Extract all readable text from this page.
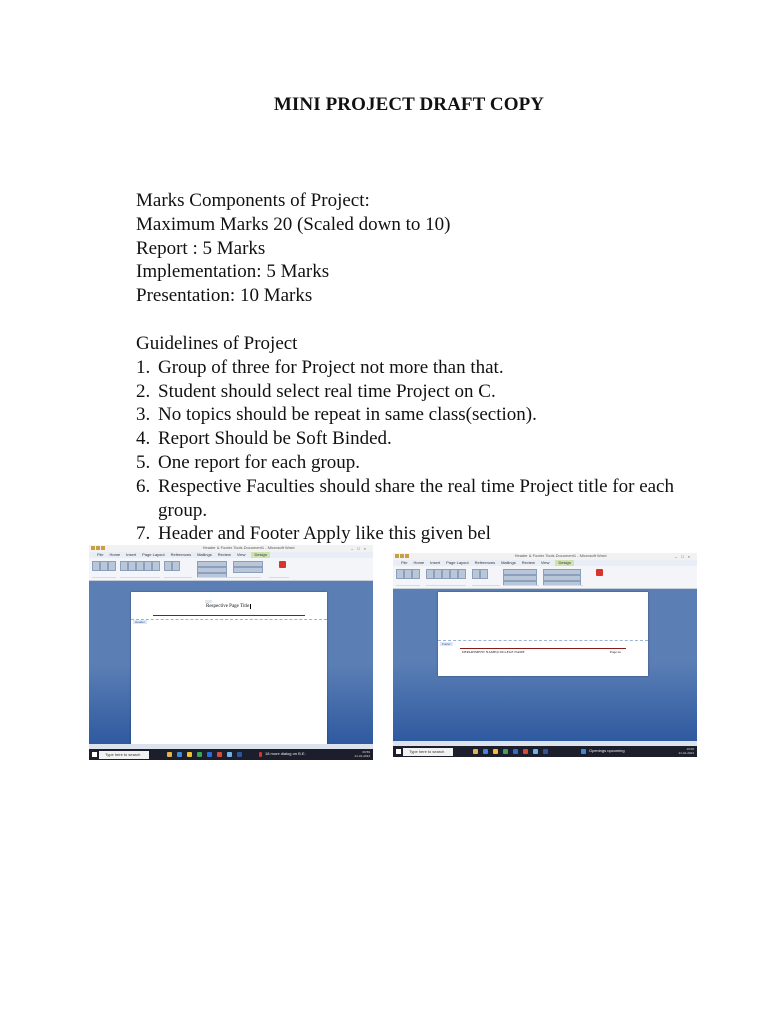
MINI PROJECT DRAFT COPY
Marks Components of Project:
Maximum Marks 20 (Scaled down to 10)
Report : 5 Marks
Implementation: 5 Marks
Presentation: 10 Marks
Guidelines of Project
1. Group of three for Project not more than that.
2. Student should select real time Project on C.
3. No topics should be repeat in same class(section).
4. Report Should be Soft Binded.
5. One report for each group.
6. Respective Faculties should share the real time Project title for each group.
7. Header and Footer Apply like this given bel
Header & Footer Tools Document1 - Microsoft Word	–□×
File Home Insert Page Layout References Mailings Review View	Design
Header
Respective Page Title
Type here to search	18 more dialog on B.E.	09:59
21-01-2024
Header & Footer Tools Document1 - Microsoft Word	–□×
File Home Insert Page Layout References Mailings Review View	Design
Footer
DEPARTMENT NAME||COLLEGE NAME	Page no
Type here to search	Openings upcoming	10:00
21-01-2024
